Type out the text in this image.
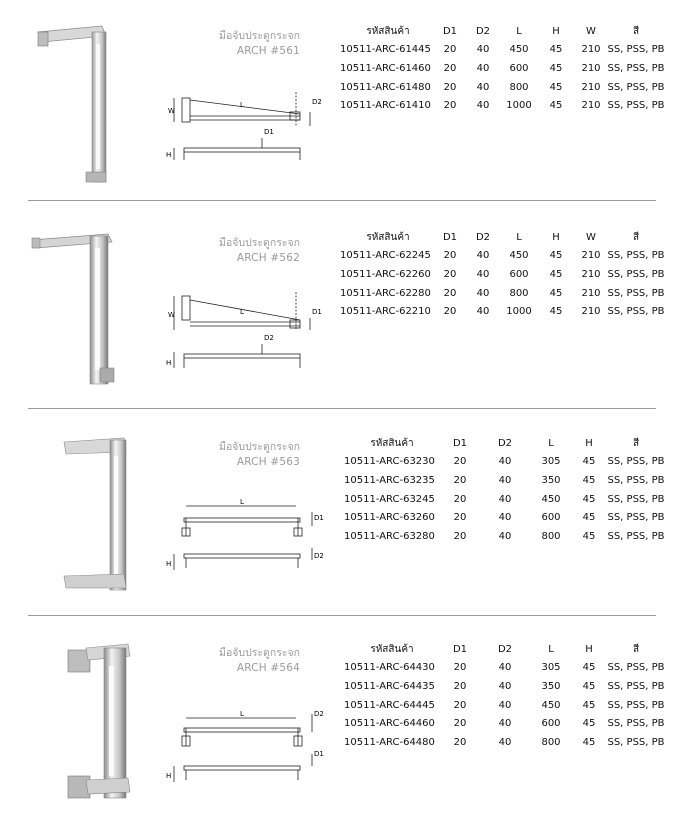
มือจับประตูกระจก
ARCH #561
W
L	D2
D1
H
รหัสสินค้า	D1	D2	L	H	W	สี
10511-ARC-61445	20	40	450	45	210	SS, PSS, PB
10511-ARC-61460	20	40	600	45	210	SS, PSS, PB
10511-ARC-61480	20	40	800	45	210	SS, PSS, PB
10511-ARC-61410	20	40	1000	45	210	SS, PSS, PB
มือจับประตูกระจก
ARCH #562
W	L	D1
D2
H
รหัสสินค้า	D1	D2	L	H	W	สี
10511-ARC-62245	20	40	450	45	210	SS, PSS, PB
10511-ARC-62260	20	40	600	45	210	SS, PSS, PB
10511-ARC-62280	20	40	800	45	210	SS, PSS, PB
10511-ARC-62210	20	40	1000	45	210	SS, PSS, PB
มือจับประตูกระจก
ARCH #563
L
D1
D2
H
รหัสสินค้า	D1	D2	L	H	สี
10511-ARC-63230	20	40	305	45	SS, PSS, PB
10511-ARC-63235	20	40	350	45	SS, PSS, PB
10511-ARC-63245	20	40	450	45	SS, PSS, PB
10511-ARC-63260	20	40	600	45	SS, PSS, PB
10511-ARC-63280	20	40	800	45	SS, PSS, PB
มือจับประตูกระจก
ARCH #564
L	D2
D1
H
รหัสสินค้า	D1	D2	L	H	สี
10511-ARC-64430	20	40	305	45	SS, PSS, PB
10511-ARC-64435	20	40	350	45	SS, PSS, PB
10511-ARC-64445	20	40	450	45	SS, PSS, PB
10511-ARC-64460	20	40	600	45	SS, PSS, PB
10511-ARC-64480	20	40	800	45	SS, PSS, PB
